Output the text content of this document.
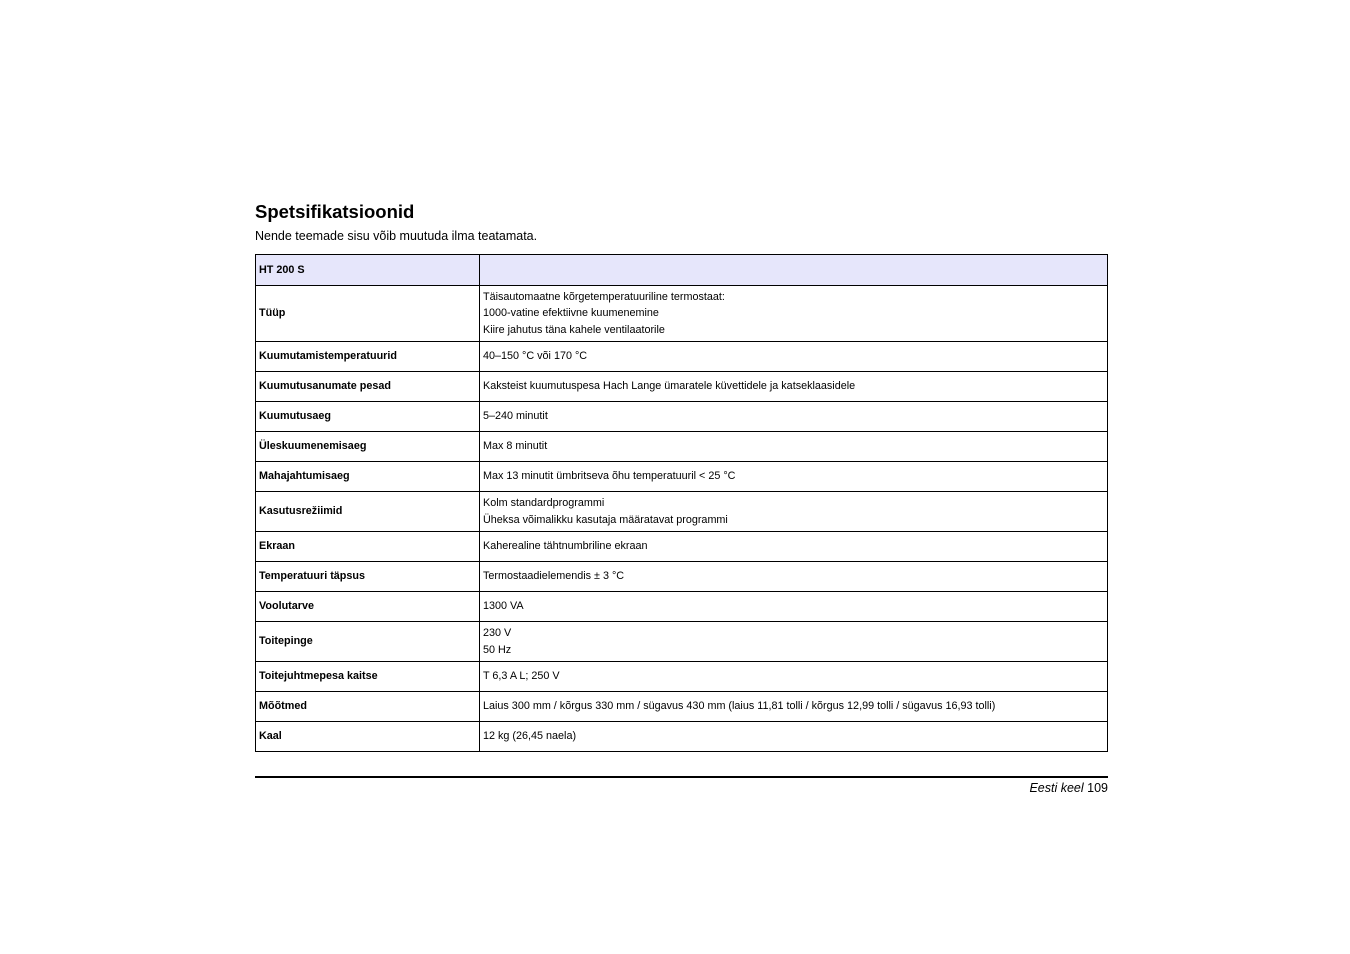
Spetsifikatsioonid

Nende teemade sisu võib muutuda ilma teatamata.

HT 200 S	
Tüüp	Täisautomaatne kõrgetemperatuuriline termostaat:
1000-vatine efektiivne kuumenemine
Kiire jahutus täna kahele ventilaatorile

Kuumutamistemperatuurid	40–150 °C või 170 °C

Kuumutusanumate pesad	Kaksteist kuumutuspesa Hach Lange ümaratele küvettidele ja katseklaasidele

Kuumutusaeg	5–240 minutit

Üleskuumenemisaeg	Max 8 minutit

Mahajahtumisaeg	Max 13 minutit ümbritseva õhu temperatuuril < 25 °C

Kasutusrežiimid	Kolm standardprogrammi
Üheksa võimalikku kasutaja määratavat programmi

Ekraan	Kaherealine tähtnumbriline ekraan

Temperatuuri täpsus	Termostaadielemendis ± 3 °C

Voolutarve	1300 VA

Toitepinge	230 V
50 Hz

Toitejuhtmepesa kaitse	T 6,3 A L; 250 V

Mõõtmed	Laius 300 mm / kõrgus 330 mm / sügavus 430 mm (laius 11,81 tolli / kõrgus 12,99 tolli / sügavus 16,93 tolli)

Kaal	12 kg (26,45 naela)
Eesti keel 109
